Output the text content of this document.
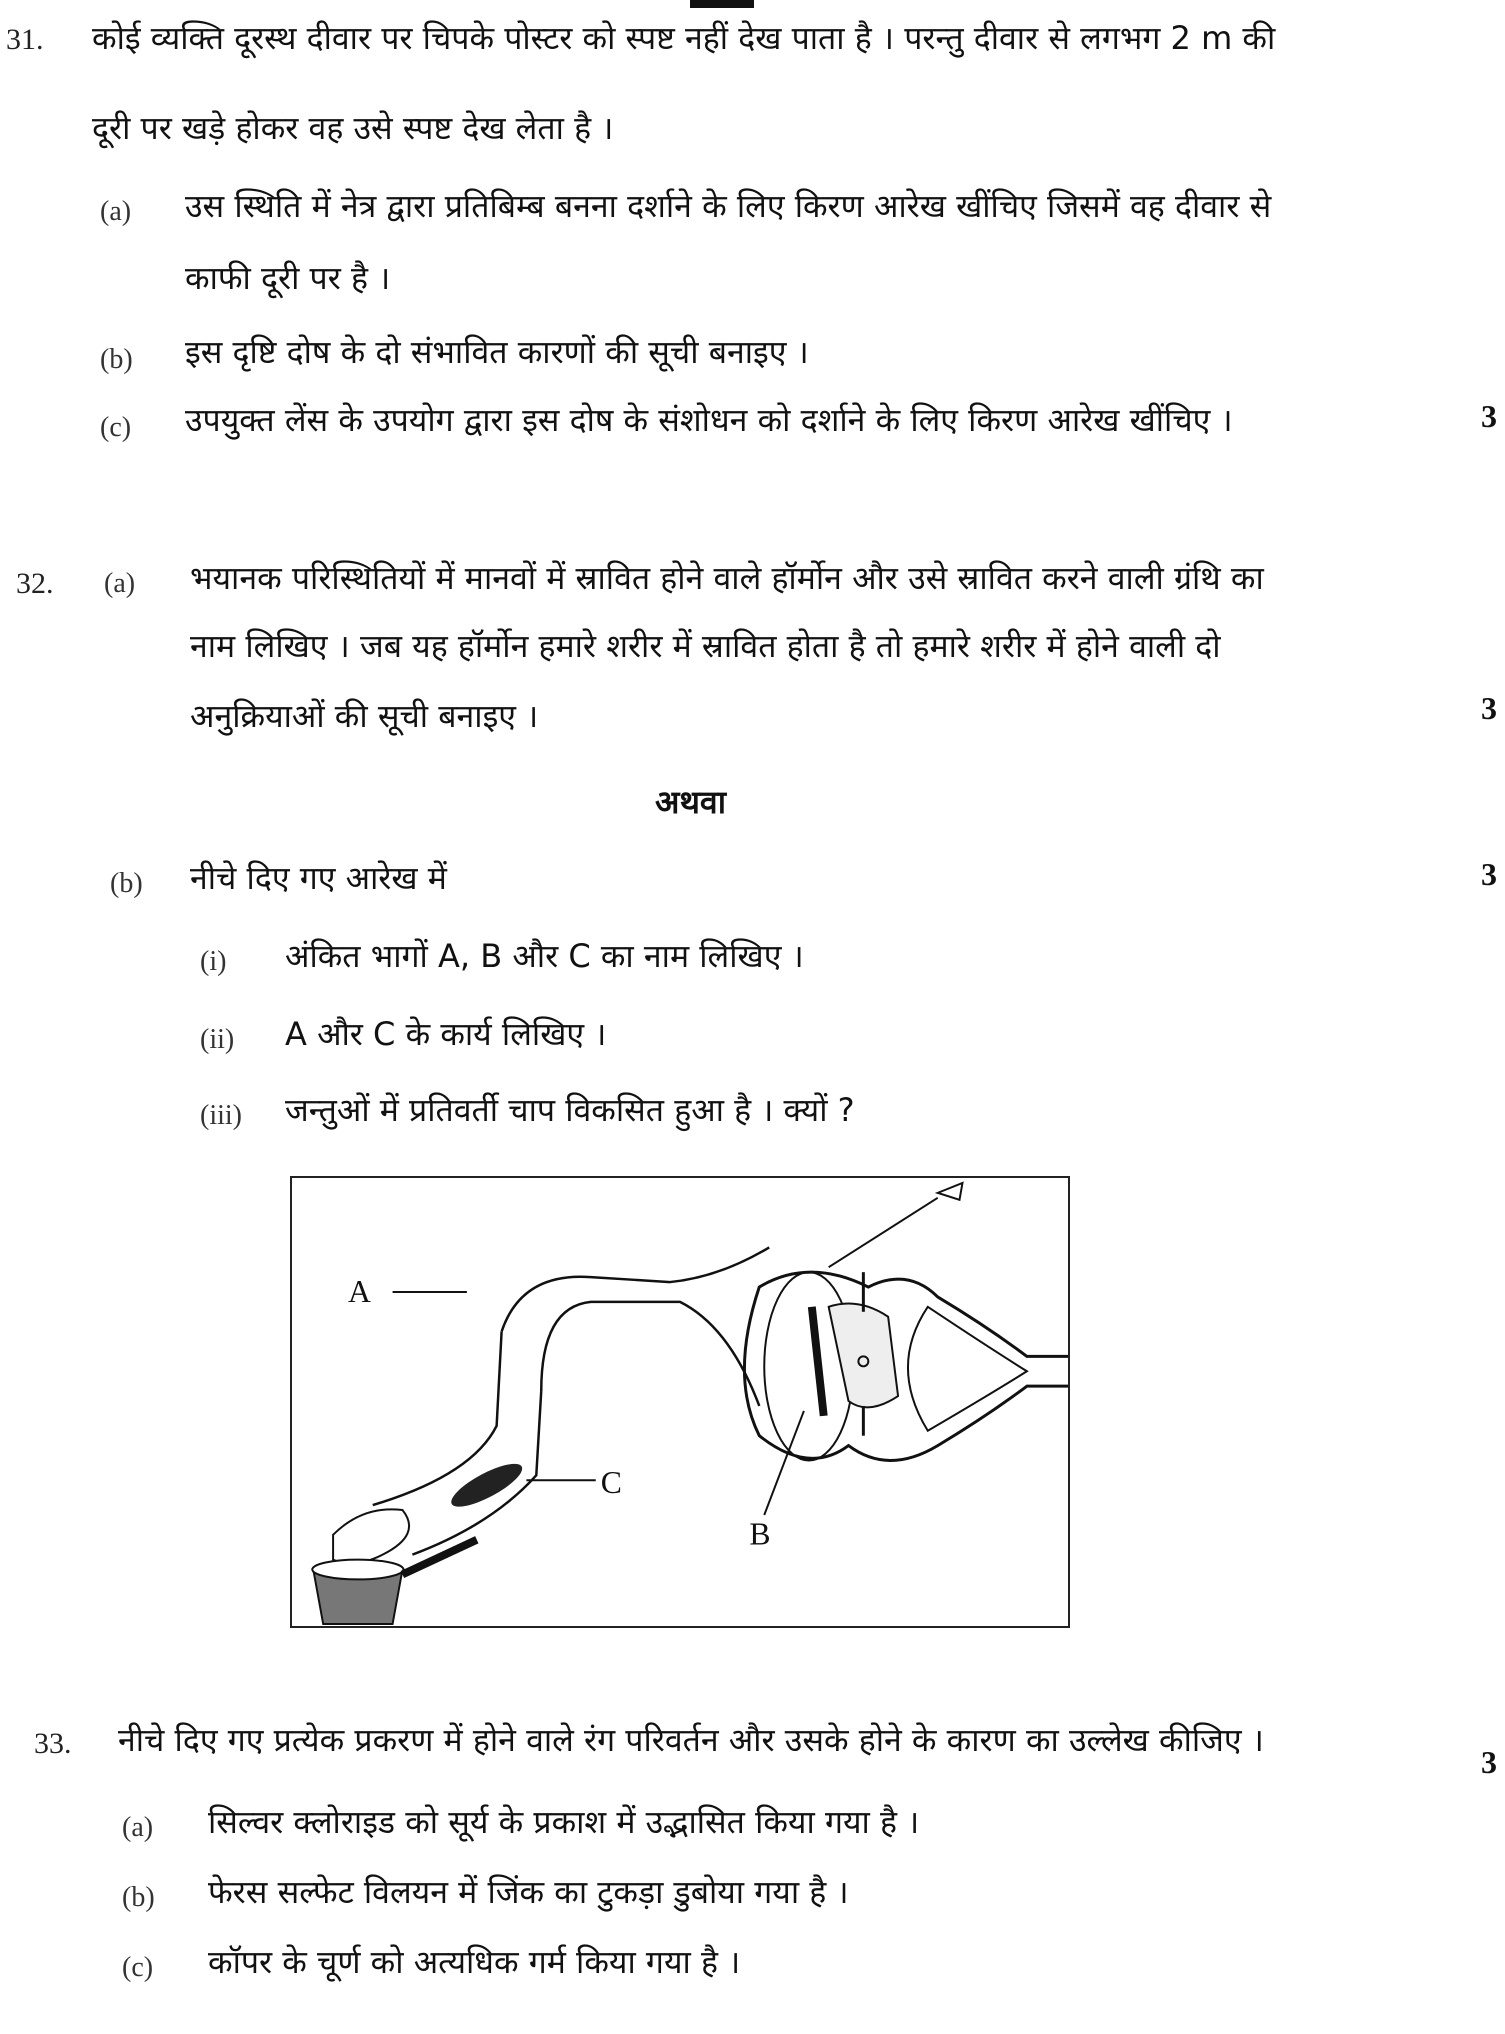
31. कोई व्यक्ति दूरस्थ दीवार पर चिपके पोस्टर को स्पष्ट नहीं देख पाता है । परन्तु दीवार से लगभग 2 m की
दूरी पर खड़े होकर वह उसे स्पष्ट देख लेता है ।
(a) उस स्थिति में नेत्र द्वारा प्रतिबिम्ब बनना दर्शाने के लिए किरण आरेख खींचिए जिसमें वह दीवार से
काफी दूरी पर है ।
(b) इस दृष्टि दोष के दो संभावित कारणों की सूची बनाइए ।
(c) उपयुक्त लेंस के उपयोग द्वारा इस दोष के संशोधन को दर्शाने के लिए किरण आरेख खींचिए ।	3
32. (a) भयानक परिस्थितियों में मानवों में स्रावित होने वाले हॉर्मोन और उसे स्रावित करने वाली ग्रंथि का
नाम लिखिए । जब यह हॉर्मोन हमारे शरीर में स्रावित होता है तो हमारे शरीर में होने वाली दो
अनुक्रियाओं की सूची बनाइए ।	3
अथवा
(b) नीचे दिए गए आरेख में	3
(i) अंकित भागों A, B और C का नाम लिखिए ।
(ii) A और C के कार्य लिखिए ।
(iii) जन्तुओं में प्रतिवर्ती चाप विकसित हुआ है । क्यों ?
A
B
C
33. नीचे दिए गए प्रत्येक प्रकरण में होने वाले रंग परिवर्तन और उसके होने के कारण का उल्लेख कीजिए ।
3
(a) सिल्वर क्लोराइड को सूर्य के प्रकाश में उद्भासित किया गया है ।
(b) फेरस सल्फेट विलयन में जिंक का टुकड़ा डुबोया गया है ।
(c) कॉपर के चूर्ण को अत्यधिक गर्म किया गया है ।
